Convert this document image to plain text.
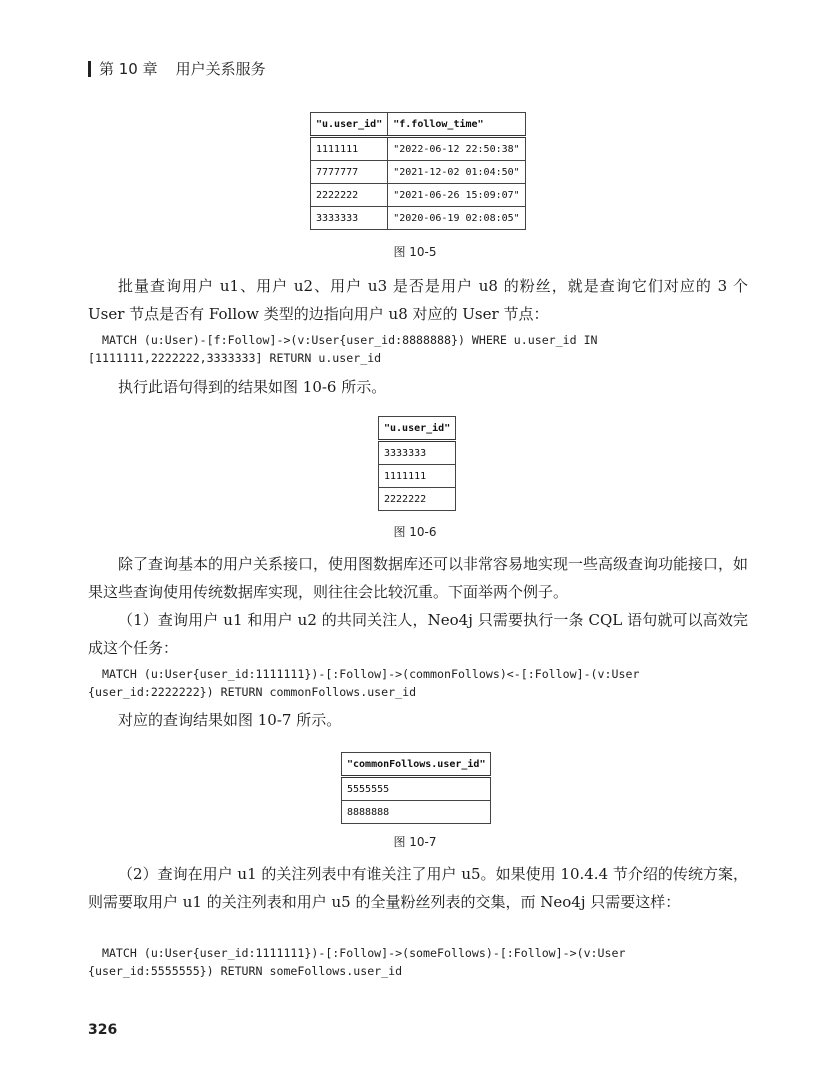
第 10 章 用户关系服务
"u.user_id"	"f.follow_time"
1111111	"2022-06-12 22:50:38"
7777777	"2021-12-02 01:04:50"
2222222	"2021-06-26 15:09:07"
3333333	"2020-06-19 02:08:05"
图 10-5
批量查询用户 u1、用户 u2、用户 u3 是否是用户 u8 的粉丝，就是查询它们对应的 3 个 User 节点是否有 Follow 类型的边指向用户 u8 对应的 User 节点：
MATCH (u:User)-[f:Follow]->(v:User{user_id:8888888}) WHERE u.user_id IN
[1111111,2222222,3333333] RETURN u.user_id
执行此语句得到的结果如图 10-6 所示。
"u.user_id"
3333333
1111111
2222222
图 10-6
除了查询基本的用户关系接口，使用图数据库还可以非常容易地实现一些高级查询功能接口，如果这些查询使用传统数据库实现，则往往会比较沉重。下面举两个例子。
（1）查询用户 u1 和用户 u2 的共同关注人，Neo4j 只需要执行一条 CQL 语句就可以高效完成这个任务：
MATCH (u:User{user_id:1111111})-[:Follow]->(commonFollows)<-[:Follow]-(v:User
{user_id:2222222}) RETURN commonFollows.user_id
对应的查询结果如图 10-7 所示。
"commonFollows.user_id"
5555555
8888888
图 10-7
（2）查询在用户 u1 的关注列表中有谁关注了用户 u5。如果使用 10.4.4 节介绍的传统方案，则需要取用户 u1 的关注列表和用户 u5 的全量粉丝列表的交集，而 Neo4j 只需要这样：
MATCH (u:User{user_id:1111111})-[:Follow]->(someFollows)-[:Follow]->(v:User
{user_id:5555555}) RETURN someFollows.user_id
326
